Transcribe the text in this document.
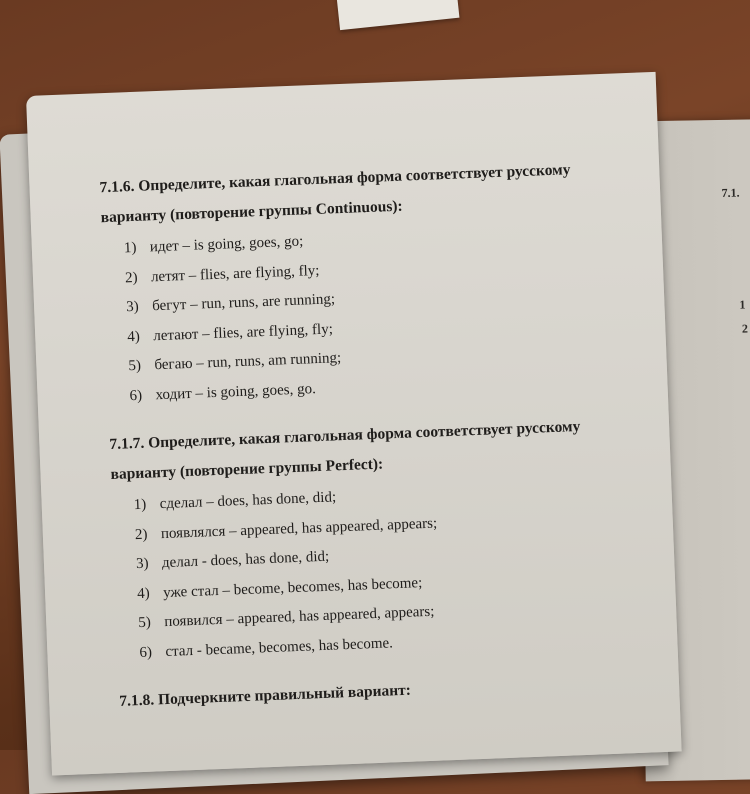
7.1.
1
2

7.1.6. Определите, какая глагольная форма соответствует русскому

варианту (повторение группы Continuous):

1) идет – is going, goes, go;
2) летят – flies, are flying, fly;
3) бегут – run, runs, are running;
4) летают – flies, are flying, fly;
5) бегаю – run, runs, am running;
6) ходит – is going, goes, go.

7.1.7. Определите, какая глагольная форма соответствует русскому

варианту (повторение группы Perfect):

1) сделал – does, has done, did;
2) появлялся – appeared, has appeared, appears;
3) делал - does, has done, did;
4) уже стал – become, becomes, has become;
5) появился – appeared, has appeared, appears;
6) стал - became, becomes, has become.

7.1.8. Подчеркните правильный вариант:
